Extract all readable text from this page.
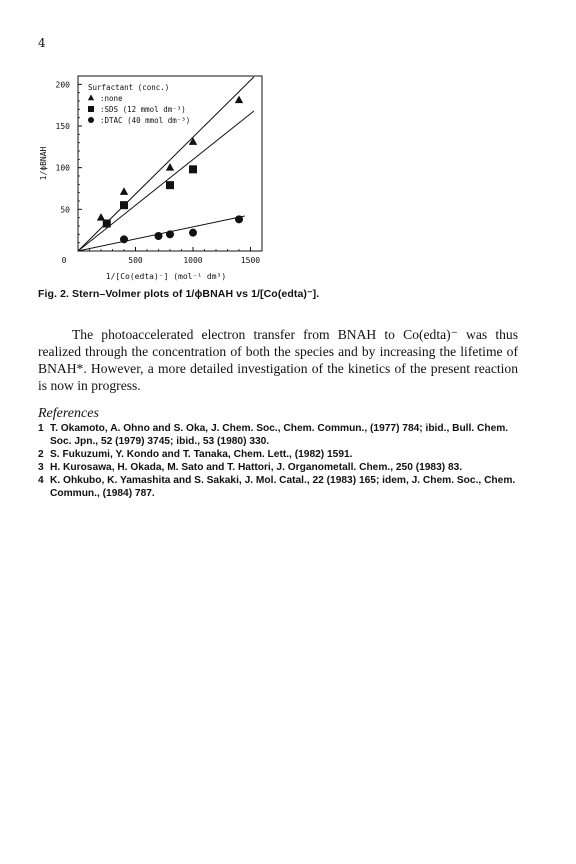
4
0	500	1000	1500
50
100
150
200
1/[Co(edta)⁻] (mol⁻¹ dm³)
1/ϕBNAH
Surfactant (conc.)
:none
:SDS (12 mmol dm⁻³)
:DTAC (40 mmol dm⁻³)
Fig. 2. Stern–Volmer plots of 1/ϕBNAH vs 1/[Co(edta)⁻].

The photoaccelerated electron transfer from BNAH to Co(edta)⁻ was thus realized through the concentration of both the species and by increasing the lifetime of BNAH*. However, a more detailed investigation of the kinetics of the present reaction is now in progress.

References
1 T. Okamoto, A. Ohno and S. Oka, J. Chem. Soc., Chem. Commun., (1977) 784; ibid., Bull. Chem. Soc. Jpn., 52 (1979) 3745; ibid., 53 (1980) 330.
2 S. Fukuzumi, Y. Kondo and T. Tanaka, Chem. Lett., (1982) 1591.
3 H. Kurosawa, H. Okada, M. Sato and T. Hattori, J. Organometall. Chem., 250 (1983) 83.
4 K. Ohkubo, K. Yamashita and S. Sakaki, J. Mol. Catal., 22 (1983) 165; idem, J. Chem. Soc., Chem. Commun., (1984) 787.
